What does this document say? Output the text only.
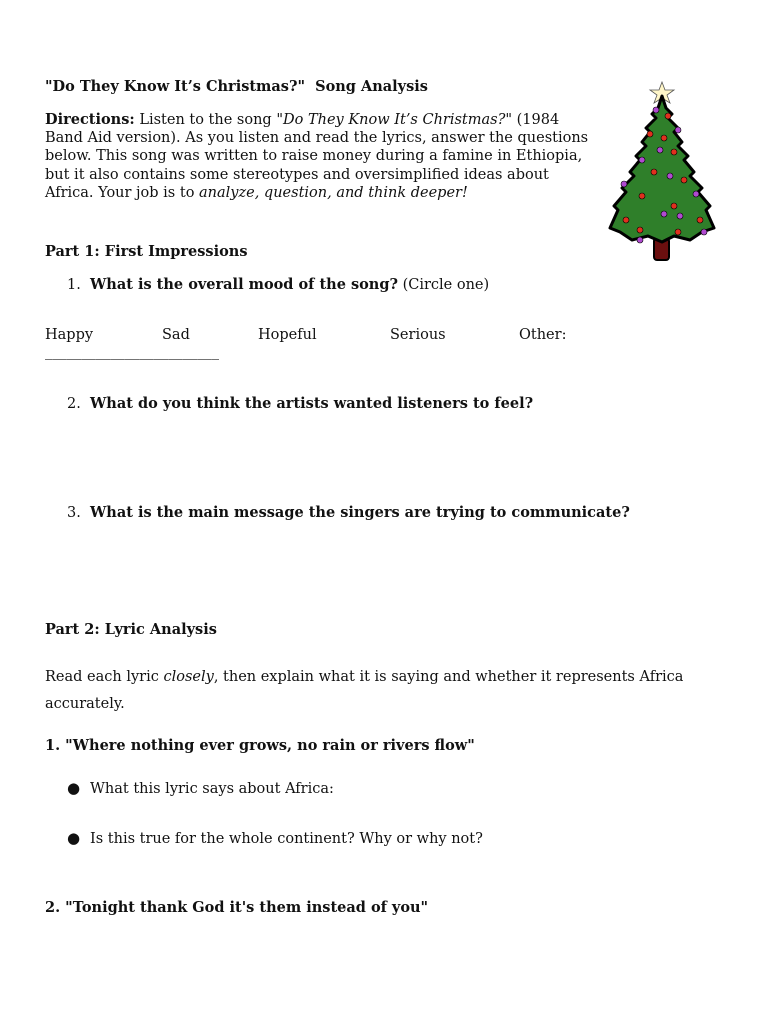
"Do They Know It’s Christmas?"  Song Analysis
Directions: Listen to the song "Do They Know It’s Christmas?" (1984 Band Aid version). As you listen and read the lyrics, answer the questions below. This song was written to raise money during a famine in Ethiopia, but it also contains some stereotypes and oversimplified ideas about Africa. Your job is to analyze, question, and think deeper!
Part 1: First Impressions
1. What is the overall mood of the song? (Circle one)
Happy	Sad	Hopeful	Serious	Other:
________________________
2. What do you think the artists wanted listeners to feel?
3. What is the main message the singers are trying to communicate?
Part 2: Lyric Analysis
Read each lyric closely, then explain what it is saying and whether it represents Africa accurately.
1. "Where nothing ever grows, no rain or rivers flow"
● What this lyric says about Africa:
● Is this true for the whole continent? Why or why not?
2. "Tonight thank God it's them instead of you"
